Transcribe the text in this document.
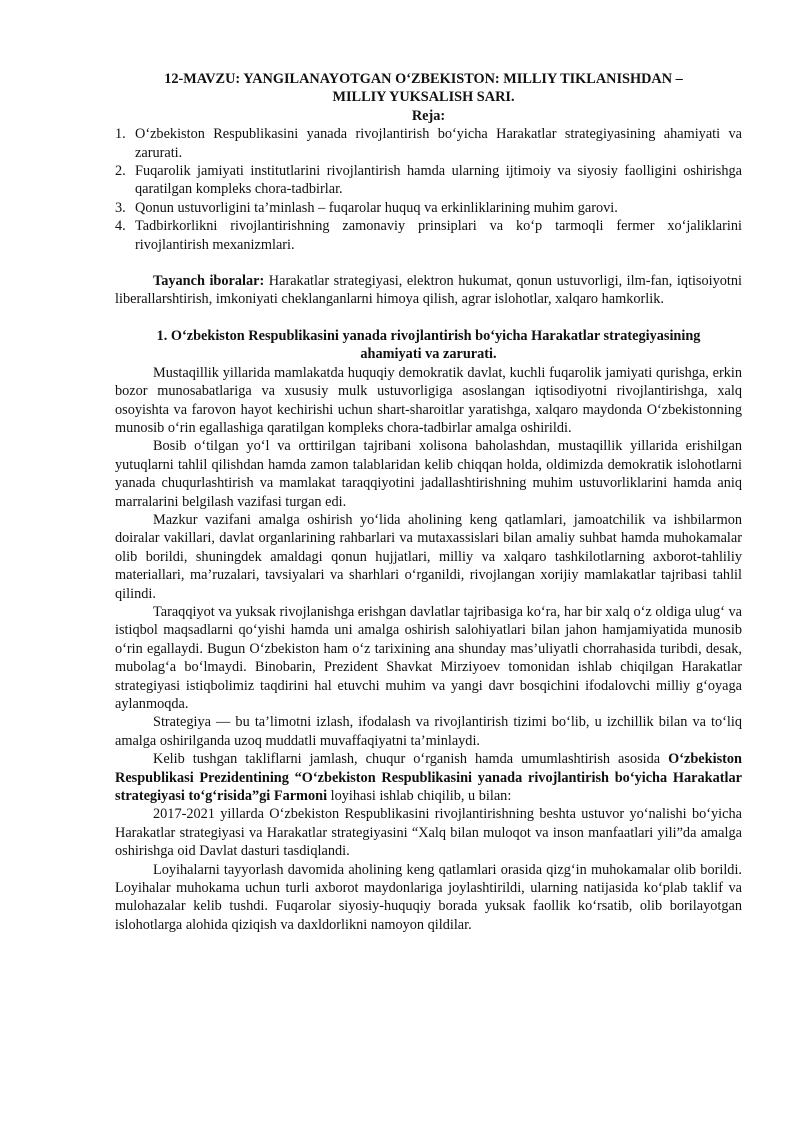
12-MAVZU: YANGILANAYOTGAN O‘ZBEKISTON: MILLIY TIKLANISHDAN –
MILLIY YUKSALISH SARI.
Reja:
1. O‘zbekiston Respublikasini yanada rivojlantirish bo‘yicha Harakatlar strategiyasining ahamiyati va zarurati.
2. Fuqarolik jamiyati institutlarini rivojlantirish hamda ularning ijtimoiy va siyosiy faolligini oshirishga qaratilgan kompleks chora-tadbirlar.
3. Qonun ustuvorligini ta’minlash – fuqarolar huquq va erkinliklarining muhim garovi.
4. Tadbirkorlikni rivojlantirishning zamonaviy prinsiplari va ko‘p tarmoqli fermer xo‘jaliklarini rivojlantirish mexanizmlari.
Tayanch iboralar: Harakatlar strategiyasi, elektron hukumat, qonun ustuvorligi, ilm-fan, iqtisoiyotni liberallarshtirish, imkoniyati cheklanganlarni himoya qilish, agrar islohotlar, xalqaro hamkorlik.
1. O‘zbekiston Respublikasini yanada rivojlantirish bo‘yicha Harakatlar strategiyasining ahamiyati va zarurati.

Mustaqillik yillarida mamlakatda huquqiy demokratik davlat, kuchli fuqarolik jamiyati qurishga, erkin bozor munosabatlariga va xususiy mulk ustuvorligiga asoslangan iqtisodiyotni rivojlantirishga, xalq osoyishta va farovon hayot kechirishi uchun shart-sharoitlar yaratishga, xalqaro maydonda O‘zbekistonning munosib o‘rin egallashiga qaratilgan kompleks chora-tadbirlar amalga oshirildi.

Bosib o‘tilgan yo‘l va orttirilgan tajribani xolisona baholashdan, mustaqillik yillarida erishilgan yutuqlarni tahlil qilishdan hamda zamon talablaridan kelib chiqqan holda, oldimizda demokratik islohotlarni yanada chuqurlashtirish va mamlakat taraqqiyotini jadallashtirishning muhim ustuvorliklarini hamda aniq marralarini belgilash vazifasi turgan edi.

Mazkur vazifani amalga oshirish yo‘lida aholining keng qatlamlari, jamoatchilik va ishbilarmon doiralar vakillari, davlat organlarining rahbarlari va mutaxassislari bilan amaliy suhbat hamda muhokamalar olib borildi, shuningdek amaldagi qonun hujjatlari, milliy va xalqaro tashkilotlarning axborot-tahliliy materiallari, ma’ruzalari, tavsiyalari va sharhlari o‘rganildi, rivojlangan xorijiy mamlakatlar tajribasi tahlil qilindi.

Taraqqiyot va yuksak rivojlanishga erishgan davlatlar tajribasiga ko‘ra, har bir xalq o‘z oldiga ulug‘ va istiqbol maqsadlarni qo‘yishi hamda uni amalga oshirish salohiyatlari bilan jahon hamjamiyatida munosib o‘rin egallaydi. Bugun O‘zbekiston ham o‘z tarixining ana shunday mas’uliyatli chorrahasida turibdi, desak, mubolag‘a bo‘lmaydi. Binobarin, Prezident Shavkat Mirziyoev tomonidan ishlab chiqilgan Harakatlar strategiyasi istiqbolimiz taqdirini hal etuvchi muhim va yangi davr bosqichini ifodalovchi milliy g‘oyaga aylanmoqda.

Strategiya — bu ta’limotni izlash, ifodalash va rivojlantirish tizimi bo‘lib, u izchillik bilan va to‘liq amalga oshirilganda uzoq muddatli muvaffaqiyatni ta’minlaydi.

Kelib tushgan takliflarni jamlash, chuqur o‘rganish hamda umumlashtirish asosida O‘zbekiston Respublikasi Prezidentining “O‘zbekiston Respublikasini yanada rivojlantirish bo‘yicha Harakatlar strategiyasi to‘g‘risida”gi Farmoni loyihasi ishlab chiqilib, u bilan:

2017-2021 yillarda O‘zbekiston Respublikasini rivojlantirishning beshta ustuvor yo‘nalishi bo‘yicha Harakatlar strategiyasi va Harakatlar strategiyasini “Xalq bilan muloqot va inson manfaatlari yili”da amalga oshirishga oid Davlat dasturi tasdiqlandi.

Loyihalarni tayyorlash davomida aholining keng qatlamlari orasida qizg‘in muhokamalar olib borildi. Loyihalar muhokama uchun turli axborot maydonlariga joylashtirildi, ularning natijasida ko‘plab taklif va mulohazalar kelib tushdi. Fuqarolar siyosiy-huquqiy borada yuksak faollik ko‘rsatib, olib borilayotgan islohotlarga alohida qiziqish va daxldorlikni namoyon qildilar.
